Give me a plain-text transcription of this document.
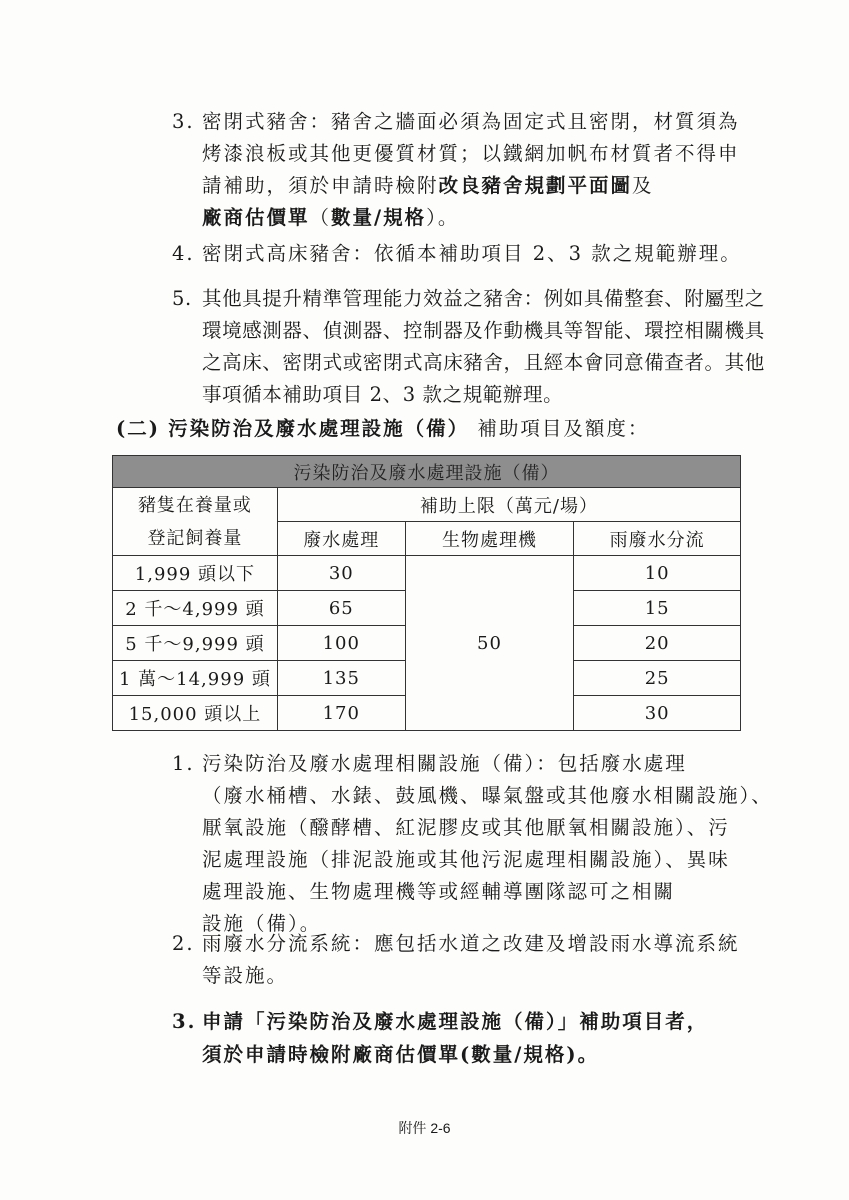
3. 密閉式豬舍：豬舍之牆面必須為固定式且密閉，材質須為
烤漆浪板或其他更優質材質；以鐵網加帆布材質者不得申
請補助，須於申請時檢附改良豬舍規劃平面圖及
廠商估價單（數量/規格）。
4. 密閉式高床豬舍：依循本補助項目 2、3 款之規範辦理。
5. 其他具提升精準管理能力效益之豬舍：例如具備整套、附屬型之
環境感測器、偵測器、控制器及作動機具等智能、環控相關機具
之高床、密閉式或密閉式高床豬舍，且經本會同意備查者。其他
事項循本補助項目 2、3 款之規範辦理。
(二) 污染防治及廢水處理設施（備） 補助項目及額度：
污染防治及廢水處理設施（備）			

豬隻在養量或
登記飼養量	補助上限（萬元/場）		
	廢水處理	生物處理機	雨廢水分流
1,999 頭以下	30	50	10
2 千～4,999 頭	65		15
5 千～9,999 頭	100		20
1 萬～14,999 頭	135		25
15,000 頭以上	170		30
1. 污染防治及廢水處理相關設施（備）：包括廢水處理
（廢水桶槽、水錶、鼓風機、曝氣盤或其他廢水相關設施）、
厭氧設施（醱酵槽、紅泥膠皮或其他厭氧相關設施）、污
泥處理設施（排泥設施或其他污泥處理相關設施）、異味
處理設施、生物處理機等或經輔導團隊認可之相關
設施（備）。
2. 雨廢水分流系統：應包括水道之改建及增設雨水導流系統
等設施。
3. 申請「污染防治及廢水處理設施（備）」補助項目者，
須於申請時檢附廠商估價單(數量/規格)。
附件 2-6
